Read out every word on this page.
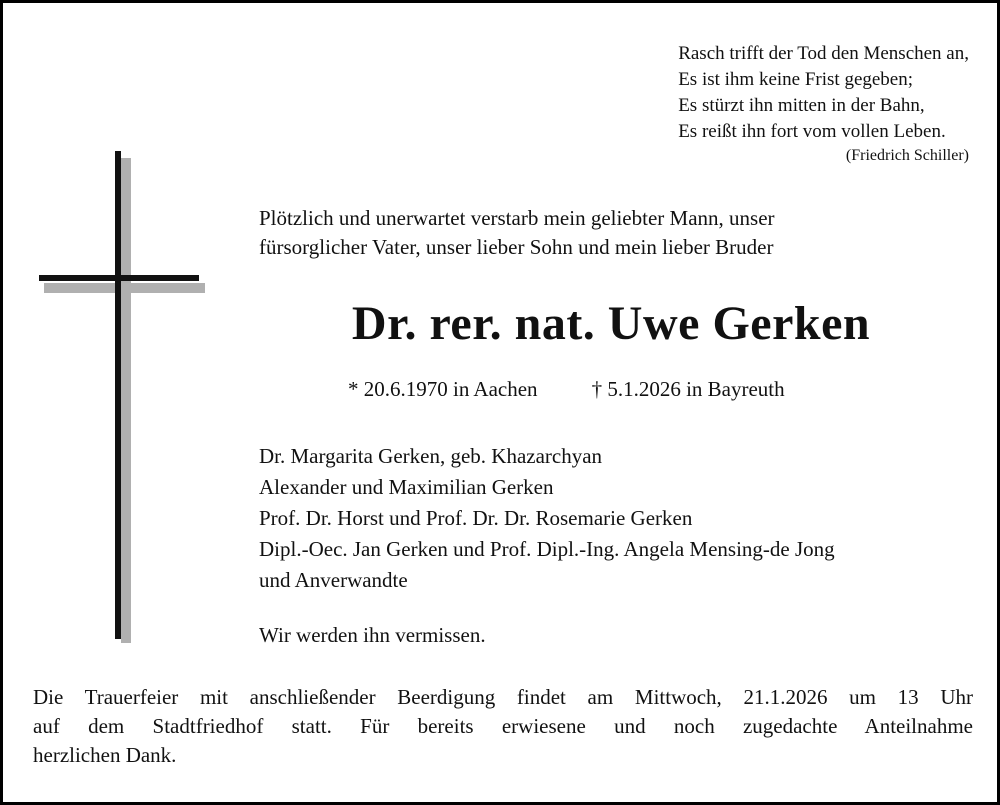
Rasch trifft der Tod den Menschen an,
Es ist ihm keine Frist gegeben;
Es stürzt ihn mitten in der Bahn,
Es reißt ihn fort vom vollen Leben.
(Friedrich Schiller)
Plötzlich und unerwartet verstarb mein geliebter Mann, unser
fürsorglicher Vater, unser lieber Sohn und mein lieber Bruder
Dr. rer. nat. Uwe Gerken
* 20.6.1970 in Aachen	† 5.1.2026 in Bayreuth
Dr. Margarita Gerken, geb. Khazarchyan
Alexander und Maximilian Gerken
Prof. Dr. Horst und Prof. Dr. Dr. Rosemarie Gerken
Dipl.-Oec. Jan Gerken und Prof. Dipl.-Ing. Angela Mensing-de Jong
und Anverwandte
Wir werden ihn vermissen.
Die Trauerfeier mit anschließender Beerdigung findet am Mittwoch, 21.1.2026 um 13 Uhr
auf dem Stadtfriedhof statt. Für bereits erwiesene und noch zugedachte Anteilnahme
herzlichen Dank.
